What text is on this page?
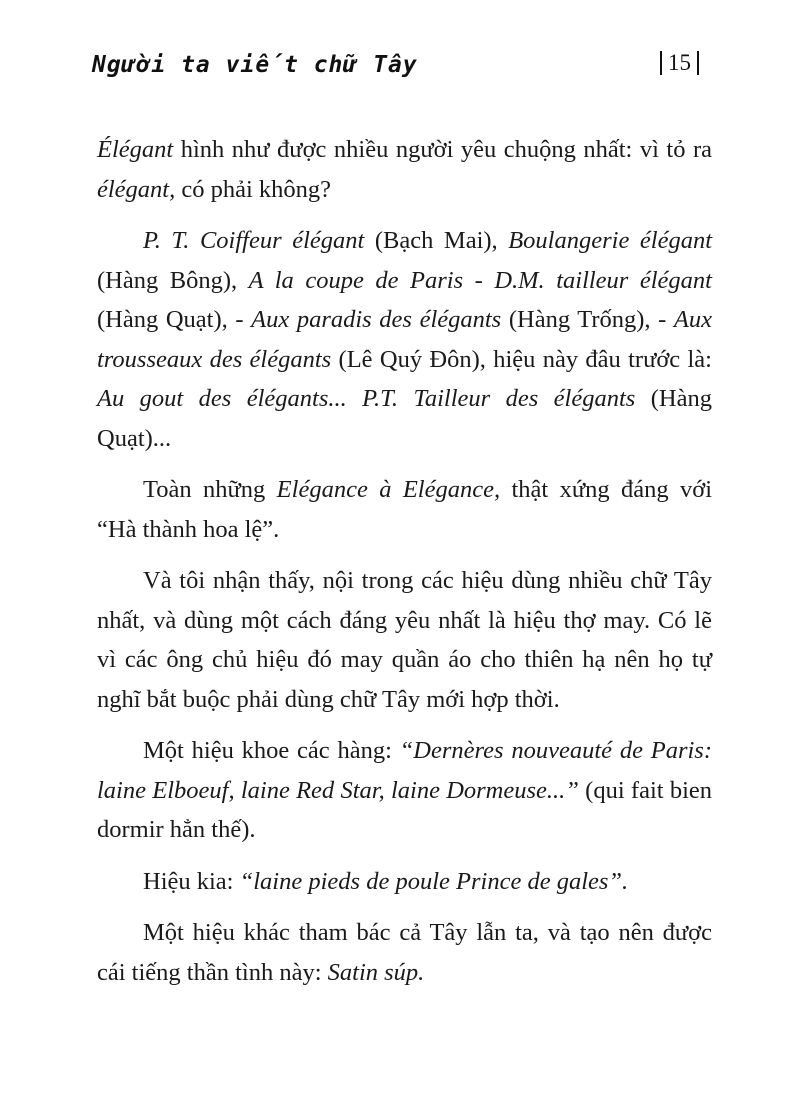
Người ta viết chữ Tây	15

Élégant hình như được nhiều người yêu chuộng nhất: vì tỏ ra élégant, có phải không?

P. T. Coiffeur élégant (Bạch Mai), Boulangerie élégant (Hàng Bông), A la coupe de Paris - D.M. tailleur élégant (Hàng Quạt), - Aux paradis des élégants (Hàng Trống), - Aux trousseaux des élégants (Lê Quý Đôn), hiệu này đâu trước là: Au gout des élégants... P.T. Tailleur des élégants (Hàng Quạt)...

Toàn những Elégance à Elégance, thật xứng đáng với “Hà thành hoa lệ”.

Và tôi nhận thấy, nội trong các hiệu dùng nhiều chữ Tây nhất, và dùng một cách đáng yêu nhất là hiệu thợ may. Có lẽ vì các ông chủ hiệu đó may quần áo cho thiên hạ nên họ tự nghĩ bắt buộc phải dùng chữ Tây mới hợp thời.

Một hiệu khoe các hàng: “Dernères nouveauté de Paris: laine Elboeuf, laine Red Star, laine Dormeuse...” (qui fait bien dormir hẳn thế).

Hiệu kia: “laine pieds de poule Prince de gales”.

Một hiệu khác tham bác cả Tây lẫn ta, và tạo nên được cái tiếng thần tình này: Satin súp.
